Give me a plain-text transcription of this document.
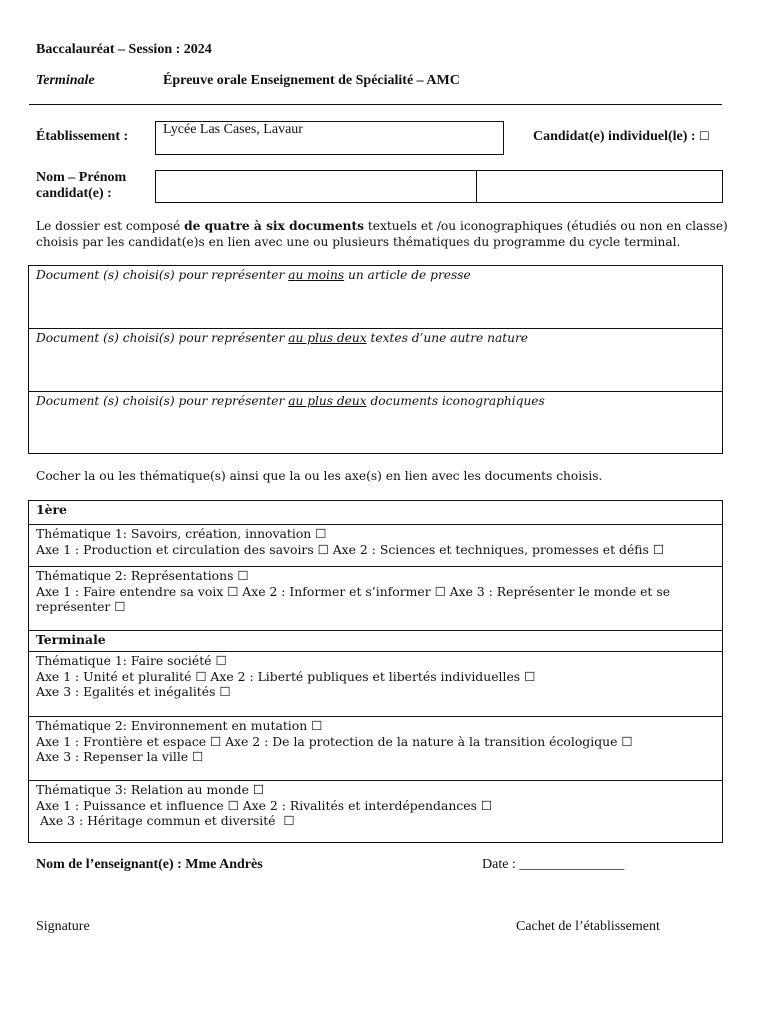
Baccalauréat – Session : 2024
Terminale	Épreuve orale Enseignement de Spécialité – AMC
Établissement :	Lycée Las Cases, Lavaur	Candidat(e) individuel(le) : ☐
Nom – Prénom
candidat(e) :
Le dossier est composé de quatre à six documents textuels et /ou iconographiques (étudiés ou non en classe)
choisis par les candidat(e)s en lien avec une ou plusieurs thématiques du programme du cycle terminal.
Document (s) choisi(s) pour représenter au moins un article de presse
Document (s) choisi(s) pour représenter au plus deux textes d’une autre nature
Document (s) choisi(s) pour représenter au plus deux documents iconographiques
Cocher la ou les thématique(s) ainsi que la ou les axe(s) en lien avec les documents choisis.
1ère
Thématique 1: Savoirs, création, innovation ☐
Axe 1 : Production et circulation des savoirs ☐ Axe 2 : Sciences et techniques, promesses et défis ☐
Thématique 2: Représentations ☐
Axe 1 : Faire entendre sa voix ☐ Axe 2 : Informer et s’informer ☐ Axe 3 : Représenter le monde et se
représenter ☐
Terminale
Thématique 1: Faire société ☐
Axe 1 : Unité et pluralité ☐ Axe 2 : Liberté publiques et libertés individuelles ☐
Axe 3 : Egalités et inégalités ☐
Thématique 2: Environnement en mutation ☐
Axe 1 : Frontière et espace ☐ Axe 2 : De la protection de la nature à la transition écologique ☐
Axe 3 : Repenser la ville ☐
Thématique 3: Relation au monde ☐
Axe 1 : Puissance et influence ☐ Axe 2 : Rivalités et interdépendances ☐
Axe 3 : Héritage commun et diversité  ☐
Nom de l’enseignant(e) : Mme Andrès	Date : _______________
Signature	Cachet de l’établissement
